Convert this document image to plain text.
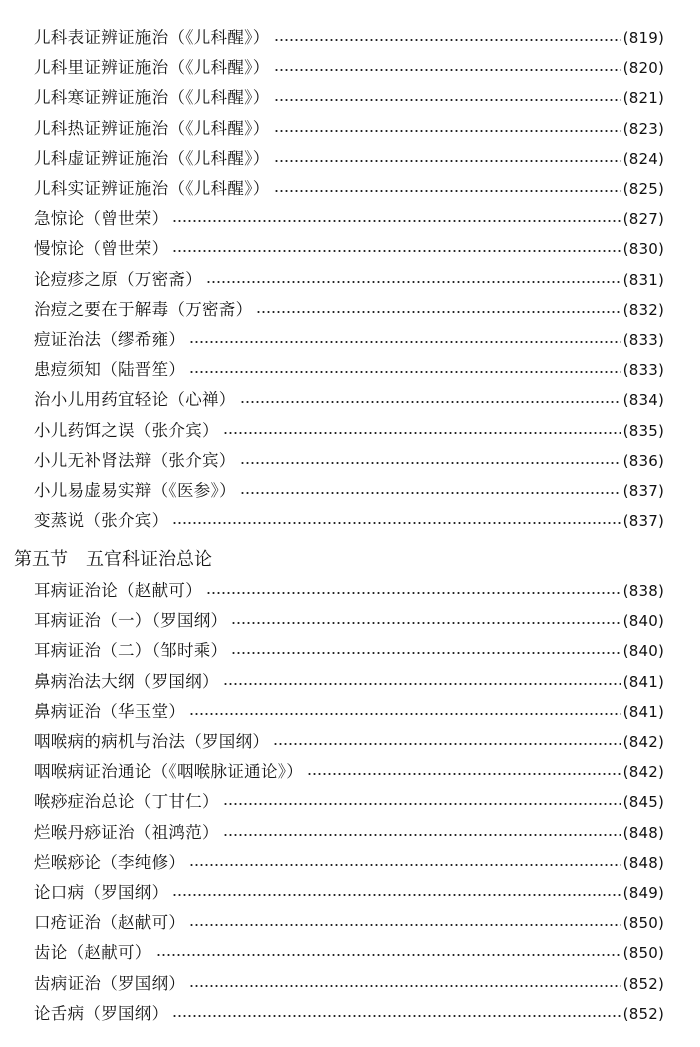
儿科表证辨证施治（《儿科醒》）	(819)
儿科里证辨证施治（《儿科醒》）	(820)
儿科寒证辨证施治（《儿科醒》）	(821)
儿科热证辨证施治（《儿科醒》）	(823)
儿科虚证辨证施治（《儿科醒》）	(824)
儿科实证辨证施治（《儿科醒》）	(825)
急惊论（曾世荣）	(827)
慢惊论（曾世荣）	(830)
论痘疹之原（万密斋）	(831)
治痘之要在于解毒（万密斋）	(832)
痘证治法（缪希雍）	(833)
患痘须知（陆晋笙）	(833)
治小儿用药宜轻论（心禅）	(834)
小儿药饵之误（张介宾）	(835)
小儿无补肾法辩（张介宾）	(836)
小儿易虚易实辩（《医参》）	(837)
变蒸说（张介宾）	(837)
第五节 五官科证治总论
耳病证治论（赵献可）	(838)
耳病证治（一）（罗国纲）	(840)
耳病证治（二）（邹时乘）	(840)
鼻病治法大纲（罗国纲）	(841)
鼻病证治（华玉堂）	(841)
咽喉病的病机与治法（罗国纲）	(842)
咽喉病证治通论（《咽喉脉证通论》）	(842)
喉痧症治总论（丁甘仁）	(845)
烂喉丹痧证治（祖鸿范）	(848)
烂喉痧论（李纯修）	(848)
论口病（罗国纲）	(849)
口疮证治（赵献可）	(850)
齿论（赵献可）	(850)
齿病证治（罗国纲）	(852)
论舌病（罗国纲）	(852)
